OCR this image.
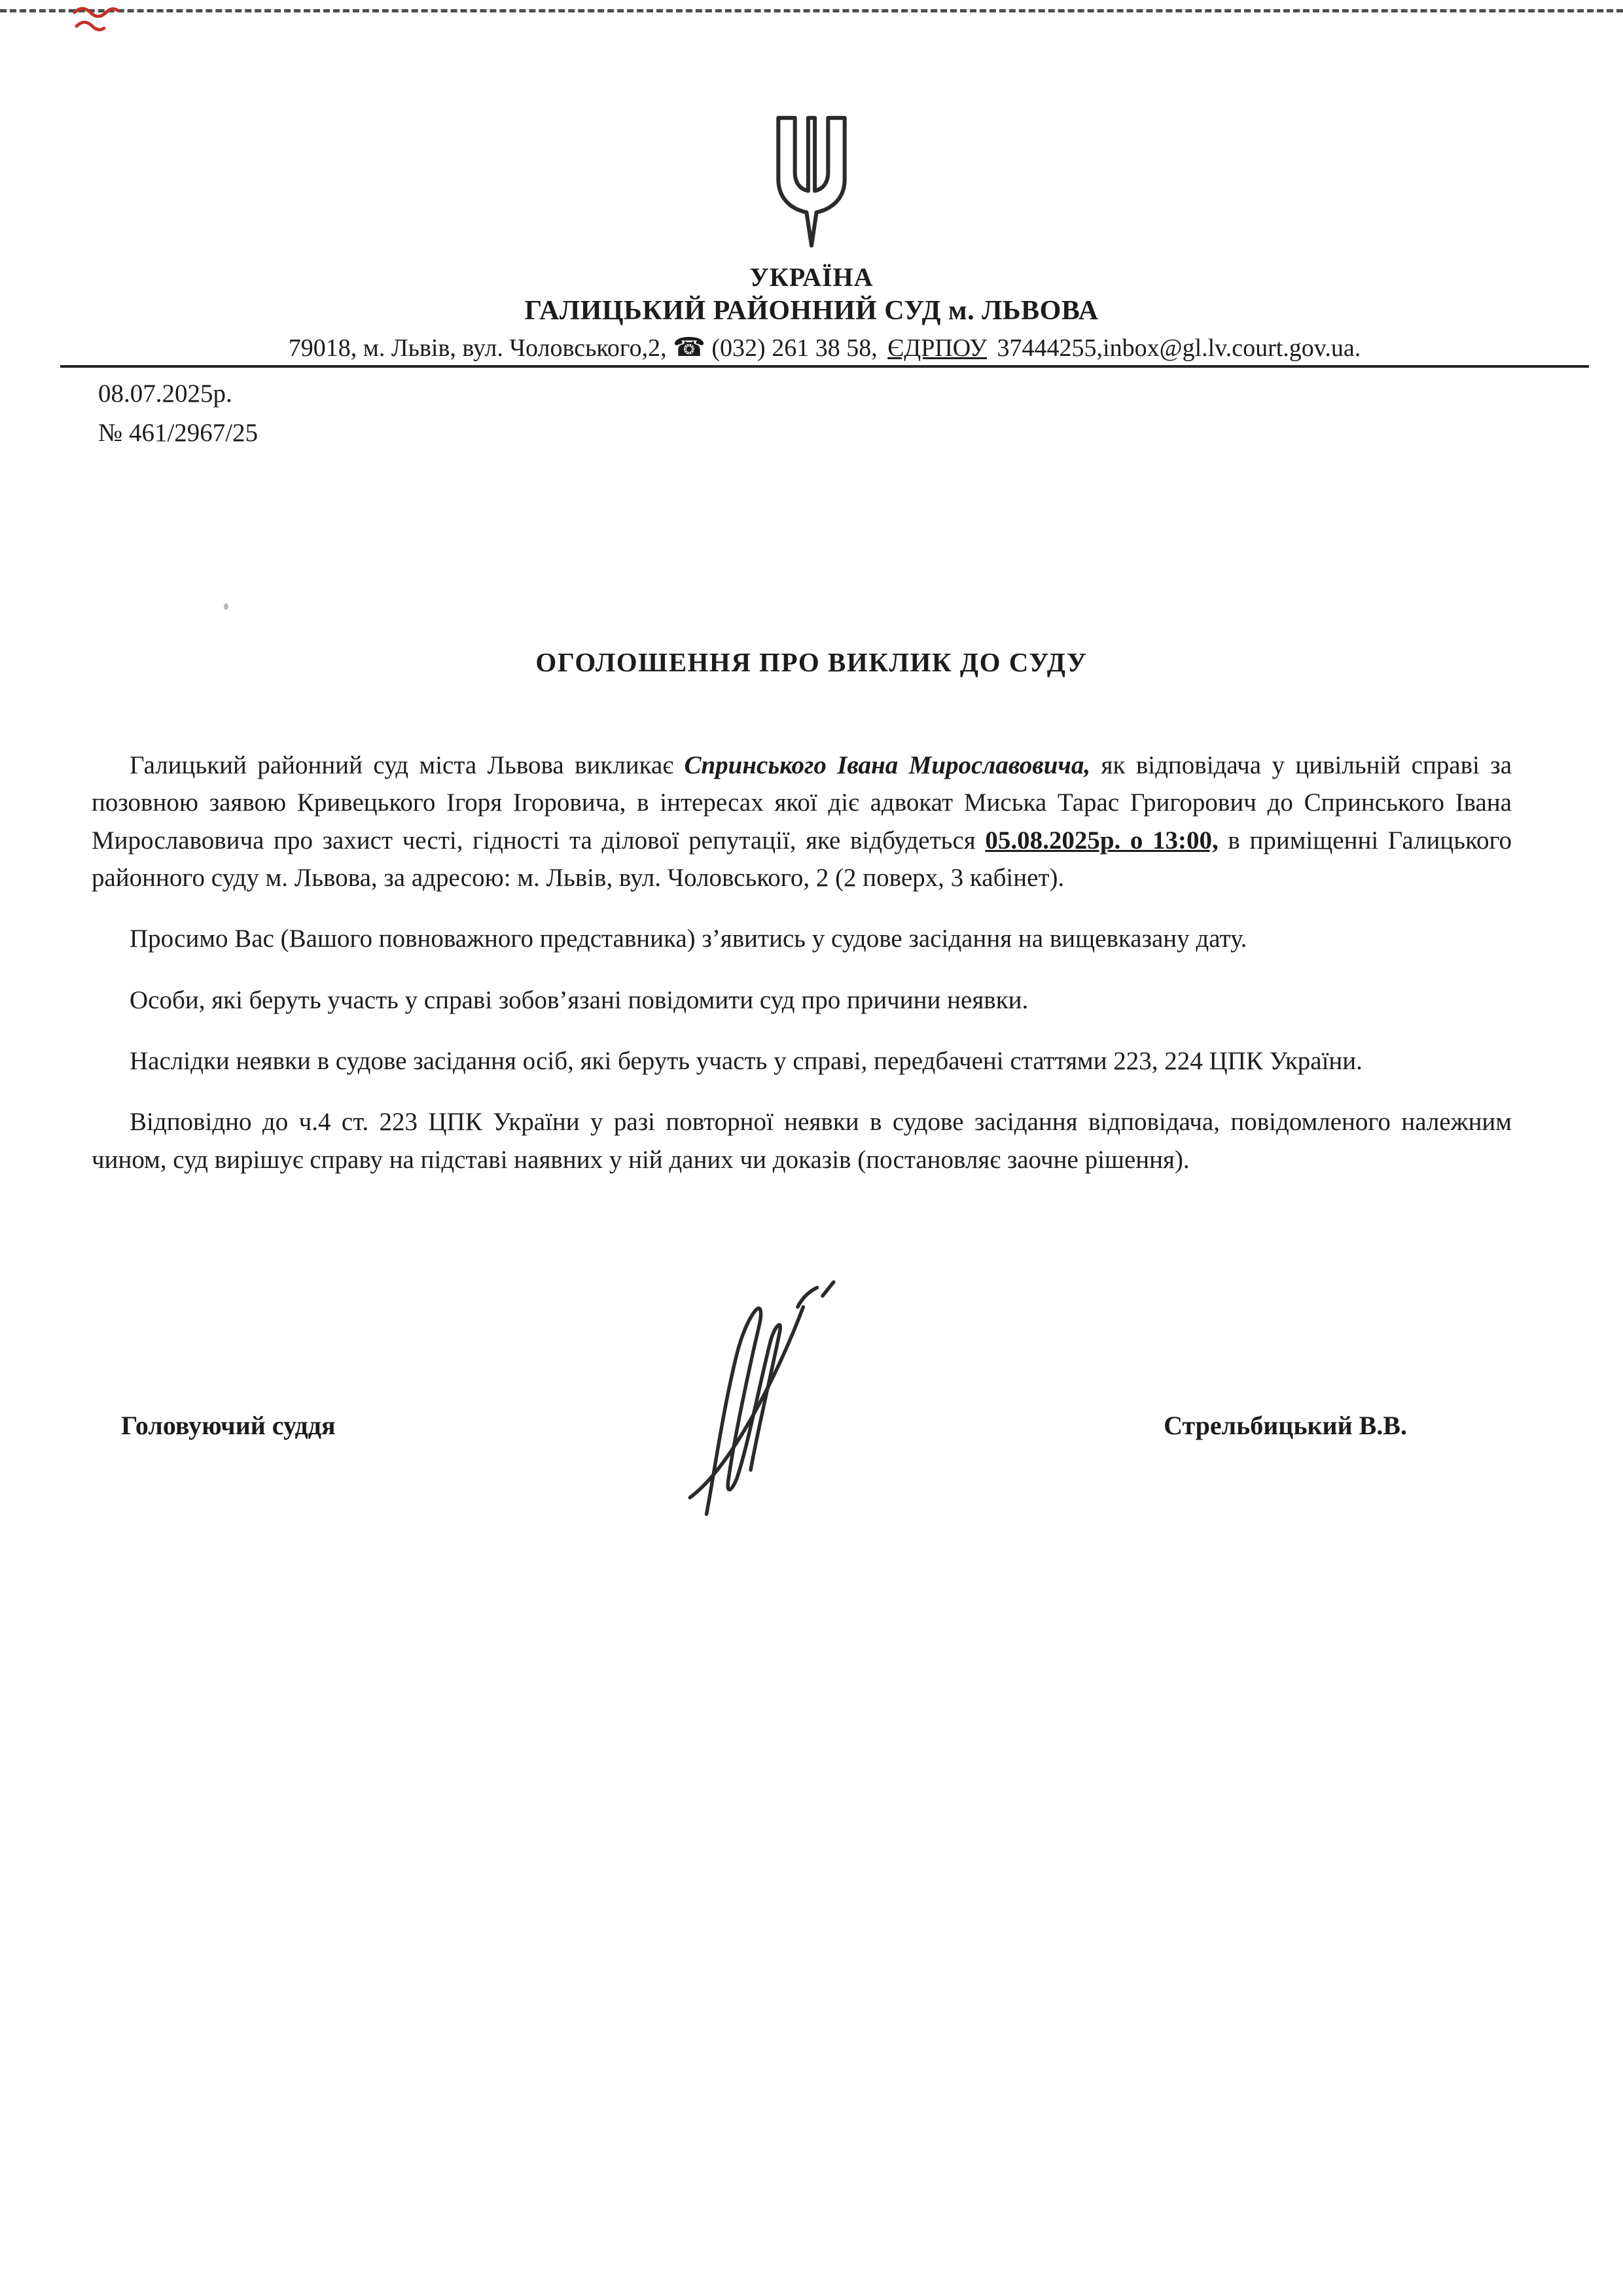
УКРАЇНА
ГАЛИЦЬКИЙ РАЙОННИЙ СУД м. ЛЬВОВА
79018, м. Львів, вул. Чоловського,2, ☎ (032) 261 38 58, ЄДРПОУ 37444255,inbox@gl.lv.court.gov.ua.
08.07.2025р.
№ 461/2967/25
ОГОЛОШЕННЯ ПРО ВИКЛИК ДО СУДУ

Галицький районний суд міста Львова викликає Спринського Івана Мирославовича, як відповідача у цивільній справі за позовною заявою Кривецького Ігоря Ігоровича, в інтересах якої діє адвокат Миська Тарас Григорович до Спринського Івана Мирославовича про захист честі, гідності та ділової репутації, яке відбудеться 05.08.2025р. о 13:00, в приміщенні Галицького районного суду м. Львова, за адресою: м. Львів, вул. Чоловського, 2 (2 поверх, 3 кабінет).

Просимо Вас (Вашого повноважного представника) з’явитись у судове засідання на вищевказану дату.

Особи, які беруть участь у справі зобов’язані повідомити суд про причини неявки.

Наслідки неявки в судове засідання осіб, які беруть участь у справі, передбачені статтями 223, 224 ЦПК України.

Відповідно до ч.4 ст. 223 ЦПК України у разі повторної неявки в судове засідання відповідача, повідомленого належним чином, суд вирішує справу на підставі наявних у ній даних чи доказів (постановляє заочне рішення).

Головуючий суддя	Стрельбицький В.В.
